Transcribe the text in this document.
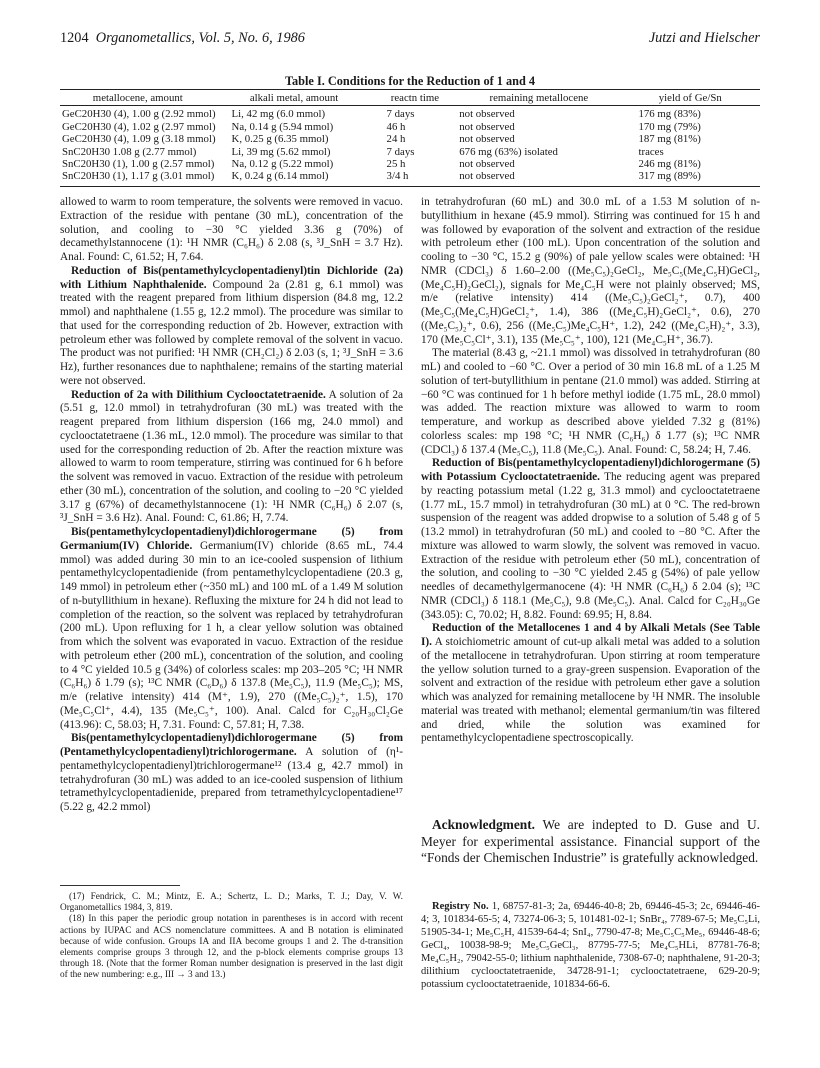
1204 Organometallics, Vol. 5, No. 6, 1986	Jutzi and Hielscher
Table I. Conditions for the Reduction of 1 and 4
metallocene, amount	alkali metal, amount	reactn time	remaining metallocene	yield of Ge/Sn
GeC20H30 (4), 1.00 g (2.92 mmol)	Li, 42 mg (6.0 mmol)	7 days	not observed	176 mg (83%)
GeC20H30 (4), 1.02 g (2.97 mmol)	Na, 0.14 g (5.94 mmol)	46 h	not observed	170 mg (79%)
GeC20H30 (4), 1.09 g (3.18 mmol)	K, 0.25 g (6.35 mmol)	24 h	not observed	187 mg (81%)
SnC20H30 1.08 g (2.77 mmol)	Li, 39 mg (5.62 mmol)	7 days	676 mg (63%) isolated	traces
SnC20H30 (1), 1.00 g (2.57 mmol)	Na, 0.12 g (5.22 mmol)	25 h	not observed	246 mg (81%)
SnC20H30 (1), 1.17 g (3.01 mmol)	K, 0.24 g (6.14 mmol)	3/4 h	not observed	317 mg (89%)

allowed to warm to room temperature, the solvents were removed in vacuo. Extraction of the residue with pentane (30 mL), concentration of the solution, and cooling to −30 °C yielded 3.36 g (70%) of decamethylstannocene (1): ¹H NMR (C₆H₆) δ 2.08 (s, ³J_SnH = 3.7 Hz). Anal. Found: C, 61.52; H, 7.64.

Reduction of Bis(pentamethylcyclopentadienyl)tin Dichloride (2a) with Lithium Naphthalenide. Compound 2a (2.81 g, 6.1 mmol) was treated with the reagent prepared from lithium dispersion (84.8 mg, 12.2 mmol) and naphthalene (1.55 g, 12.2 mmol). The procedure was similar to that used for the corresponding reduction of 2b. However, extraction with petroleum ether was followed by complete removal of the solvent in vacuo. The product was not purified: ¹H NMR (CH₂Cl₂) δ 2.03 (s, 1; ³J_SnH = 3.6 Hz), further resonances due to naphthalene; remains of the starting material were not observed.

Reduction of 2a with Dilithium Cyclooctatetraenide. A solution of 2a (5.51 g, 12.0 mmol) in tetrahydrofuran (30 mL) was treated with the reagent prepared from lithium dispersion (166 mg, 24.0 mmol) and cyclooctatetraene (1.36 mL, 12.0 mmol). The procedure was similar to that used for the corresponding reduction of 2b. After the reaction mixture was allowed to warm to room temperature, stirring was continued for 6 h before the solvent was removed in vacuo. Extraction of the residue with petroleum ether (30 mL), concentration of the solution, and cooling to −20 °C yielded 3.17 g (67%) of decamethylstannocene (1): ¹H NMR (C₆H₆) δ 2.07 (s, ³J_SnH = 3.6 Hz). Anal. Found: C, 61.86; H, 7.74.

Bis(pentamethylcyclopentadienyl)dichlorogermane (5) from Germanium(IV) Chloride. Germanium(IV) chloride (8.65 mL, 74.4 mmol) was added during 30 min to an ice-cooled suspension of lithium pentamethylcyclopentadienide (from pentamethylcyclopentadiene (20.3 g, 149 mmol) in petroleum ether (~350 mL) and 100 mL of a 1.49 M solution of n-butyllithium in hexane). Refluxing the mixture for 24 h did not lead to completion of the reaction, so the solvent was replaced by tetrahydrofuran (200 mL). Upon refluxing for 1 h, a clear yellow solution was obtained from which the solvent was evaporated in vacuo. Extraction of the residue with petroleum ether (200 mL), concentration of the solution, and cooling to 4 °C yielded 10.5 g (34%) of colorless scales: mp 203–205 °C; ¹H NMR (C₆H₆) δ 1.79 (s); ¹³C NMR (C₆D₆) δ 137.8 (Me₅C₅), 11.9 (Me₅C₅); MS, m/e (relative intensity) 414 (M⁺, 1.9), 270 ((Me₅C₅)₂⁺, 1.5), 170 (Me₅C₅Cl⁺, 4.4), 135 (Me₅C₅⁺, 100). Anal. Calcd for C₂₀H₃₀Cl₂Ge (413.96): C, 58.03; H, 7.31. Found: C, 57.81; H, 7.38.

Bis(pentamethylcyclopentadienyl)dichlorogermane (5) from (Pentamethylcyclopentadienyl)trichlorogermane. A solution of (η¹-pentamethylcyclopentadienyl)trichlorogermane¹² (13.4 g, 42.7 mmol) in tetrahydrofuran (30 mL) was added to an ice-cooled suspension of lithium tetramethylcyclopentadienide, prepared from tetramethylcyclopentadiene¹⁷ (5.22 g, 42.2 mmol)

(17) Fendrick, C. M.; Mintz, E. A.; Schertz, L. D.; Marks, T. J.; Day, V. W. Organometallics 1984, 3, 819.

(18) In this paper the periodic group notation in parentheses is in accord with recent actions by IUPAC and ACS nomenclature committees. A and B notation is eliminated because of wide confusion. Groups IA and IIA become groups 1 and 2. The d-transition elements comprise groups 3 through 12, and the p-block elements comprise groups 13 through 18. (Note that the former Roman number designation is preserved in the last digit of the new numbering: e.g., III → 3 and 13.)

in tetrahydrofuran (60 mL) and 30.0 mL of a 1.53 M solution of n-butyllithium in hexane (45.9 mmol). Stirring was continued for 15 h and was followed by evaporation of the solvent and extraction of the residue with petroleum ether (100 mL). Upon concentration of the solution and cooling to −30 °C, 15.2 g (90%) of pale yellow scales were obtained: ¹H NMR (CDCl₃) δ 1.60–2.00 ((Me₅C₅)₂GeCl₂, Me₅C₅(Me₄C₅H)GeCl₂, (Me₄C₅H)₂GeCl₂), signals for Me₄C₅H were not plainly observed; MS, m/e (relative intensity) 414 ((Me₅C₅)₂GeCl₂⁺, 0.7), 400 (Me₅C₅(Me₄C₅H)GeCl₂⁺, 1.4), 386 ((Me₄C₅H)₂GeCl₂⁺, 0.6), 270 ((Me₅C₅)₂⁺, 0.6), 256 ((Me₅C₅)Me₄C₅H⁺, 1.2), 242 ((Me₄C₅H)₂⁺, 3.3), 170 (Me₅C₅Cl⁺, 3.1), 135 (Me₅C₅⁺, 100), 121 (Me₄C₅H⁺, 36.7).

The material (8.43 g, ~21.1 mmol) was dissolved in tetrahydrofuran (80 mL) and cooled to −60 °C. Over a period of 30 min 16.8 mL of a 1.25 M solution of tert-butyllithium in pentane (21.0 mmol) was added. Stirring at −60 °C was continued for 1 h before methyl iodide (1.75 mL, 28.0 mmol) was added. The reaction mixture was allowed to warm to room temperature, and workup as described above yielded 7.32 g (81%) colorless scales: mp 198 °C; ¹H NMR (C₆H₆) δ 1.77 (s); ¹³C NMR (CDCl₃) δ 137.4 (Me₅C₅), 11.8 (Me₅C₅). Anal. Found: C, 58.24; H, 7.46.

Reduction of Bis(pentamethylcyclopentadienyl)dichlorogermane (5) with Potassium Cyclooctatetraenide. The reducing agent was prepared by reacting potassium metal (1.22 g, 31.3 mmol) and cyclooctatetraene (1.77 mL, 15.7 mmol) in tetrahydrofuran (30 mL) at 0 °C. The red-brown suspension of the reagent was added dropwise to a solution of 5.48 g of 5 (13.2 mmol) in tetrahydrofuran (50 mL) and cooled to −80 °C. After the mixture was allowed to warm slowly, the solvent was removed in vacuo. Extraction of the residue with petroleum ether (50 mL), concentration of the solution, and cooling to −30 °C yielded 2.45 g (54%) of pale yellow needles of decamethylgermanocene (4): ¹H NMR (C₆H₆) δ 2.04 (s); ¹³C NMR (CDCl₃) δ 118.1 (Me₅C₅), 9.8 (Me₅C₅). Anal. Calcd for C₂₀H₃₀Ge (343.05): C, 70.02; H, 8.82. Found: 69.95; H, 8.84.

Reduction of the Metallocenes 1 and 4 by Alkali Metals (See Table I). A stoichiometric amount of cut-up alkali metal was added to a solution of the metallocene in tetrahydrofuran. Upon stirring at room temperature the yellow solution turned to a gray-green suspension. Evaporation of the solvent and extraction of the residue with petroleum ether gave a solution which was analyzed for remaining metallocene by ¹H NMR. The insoluble material was treated with methanol; elemental germanium/tin was filtered and dried, while the solution was examined for pentamethylcyclopentadiene spectroscopically.

Acknowledgment. We are indepted to D. Guse and U. Meyer for experimental assistance. Financial support of the “Fonds der Chemischen Industrie” is gratefully acknowledged.

Registry No. 1, 68757-81-3; 2a, 69446-40-8; 2b, 69446-45-3; 2c, 69446-46-4; 3, 101834-65-5; 4, 73274-06-3; 5, 101481-02-1; SnBr₄, 7789-67-5; Me₅C₅Li, 51905-34-1; Me₅C₅H, 41539-64-4; SnI₄, 7790-47-8; Me₅C₅C₅Me₅, 69446-48-6; GeCl₄, 10038-98-9; Me₅C₅GeCl₃, 87795-77-5; Me₄C₅HLi, 87781-76-8; Me₄C₅H₂, 79042-55-0; lithium naphthalenide, 7308-67-0; naphthalene, 91-20-3; dilithium cyclooctatetraenide, 34728-91-1; cyclooctatetraene, 629-20-9; potassium cyclooctatetraenide, 101834-66-6.
